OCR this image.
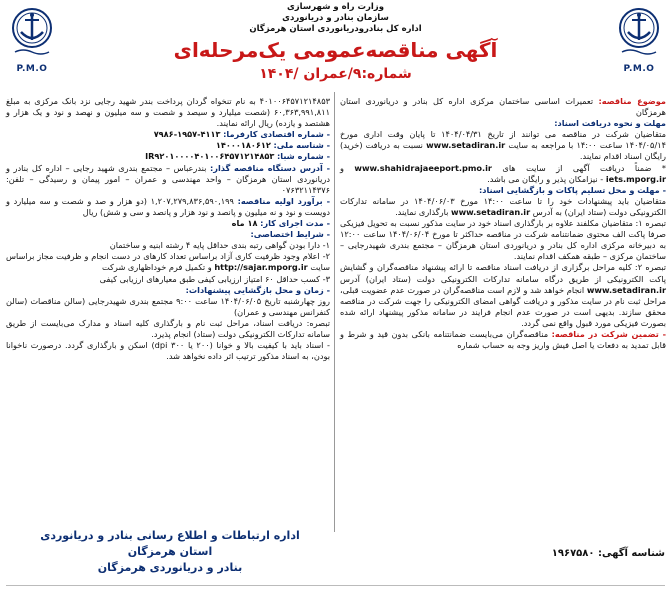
P.M.O
وزارت راه و شهرسازی
سازمان بنادر و دریانوردی
اداره کل بنادرودریانوردی استان هرمزگان
آگهی مناقصه‌عمومی یک‌مرحله‌ای
شماره:۹/عمران /۱۴۰۴	P.M.O

موضوع مناقصه: تعمیرات اساسی ساختمان مرکزی اداره کل بنادر و دریانوردی استان هرمزگان

مهلت و نحوه دریافت اسناد:

متقاضیان شرکت در مناقصه می توانند از تاریخ ۱۴۰۴/۰۴/۳۱ تا پایان وقت اداری مورخ ۱۴۰۴/۰۵/۱۴ ساعت ۱۴:۰۰ با مراجعه به سایت www.setadiran.ir نسبت به دریافت (خرید) رایگان اسناد اقدام نمایند.

* ضمناً دریافت آگهی از سایت های www.shahidrajaeeport.pmo.ir و iets.mporg.ir - نیزامکان پذیر و رایگان می باشد.

- مهلت و محل تسلیم پاکات و بازگشایی اسناد:

متقاضیان باید پیشنهادات خود را تا ساعت ۱۴:۰۰ مورخ ۱۴۰۴/۰۶/۰۳ در سامانه تدارکات الکترونیکی دولت (ستاد ایران) به آدرس www.setadiran.ir بارگذاری نمایند.

تبصره ۱: متقاضیان مکلفند علاوه بر بارگذاری اسناد خود در سایت مذکور نسبت به تحویل فیزیکی صرفا پاکت الف محتوی ضمانتنامه شرکت در مناقصه حداکثر تا مورخ ۱۴۰۴/۰۶/۰۴ ساعت ۱۲:۰۰ به دبیرخانه مرکزی اداره کل بنادر و دریانوردی استان هرمزگان – مجتمع بندری شهیدرجایی – ساختمان مرکزی – طبقه همکف اقدام نمایند.

تبصره ۲: کلیه مراحل برگزاری از دریافت اسناد مناقصه تا ارائه پیشنهاد مناقصه‌گران و گشایش پاکت الکترونیکی از طریق درگاه سامانه تدارکات الکترونیکی دولت (ستاد ایران) آدرس www.setadiran.ir انجام خواهد شد و لازم است مناقصه‌گران در صورت عدم عضویت قبلی، مراحل ثبت نام در سایت مذکور و دریافت گواهی امضای الکترونیکی را جهت شرکت در مناقصه محقق سازند. بدیهی است در صورت عدم انجام فرایند در سامانه مذکور پیشنهاد ارائه شده بصورت فیزیکی مورد قبول واقع نمی گردد.

- تضمین شرکت در مناقصه: مناقصه‌گران می‌بایست ضمانتنامه بانکی بدون قید و شرط و قابل تمدید به دفعات یا اصل فیش واریز وجه به حساب شماره

۴۰۱۰۰۶۴۵۷۱۲۱۴۸۵۳ به نام تنخواه گردان پرداخت بندر شهید رجایی نزد بانک مرکزی به مبلغ ۶۰,۳۶۳,۹۹۱,۸۱۱ (شصت میلیارد و سیصد و شصت و سه میلیون و نهصد و نود و یک هزار و هشتصد و یازده) ریال ارائه نمایند.

- شماره اقتصادی کارفرما: ۴۱۱۳-۱۹۵۷-۷۹۸۶

- شناسه ملی: ۱۴۰۰۰۱۸۰۶۱۲

- شماره شبا: IR۹۲۰۱۰۰۰۰۴۰۱۰۰۶۴۵۷۱۲۱۴۸۵۳

- آدرس دستگاه مناقصه گذار: بندرعباس – مجتمع بندری شهید رجایی – اداره کل بنادر و دریانوردی استان هرمزگان – واحد مهندسی و عمران – امور پیمان و رسیدگی – تلفن: ۰۷۶۳۲۱۱۴۳۷۶

- برآورد اولیه مناقصه: ۱,۲۰۷,۲۷۹,۸۳۶,۵۹۰,۱۹۹ (دو هزار و صد و شصت و سه میلیارد و دویست و نود و نه میلیون و پانصد و نود هزار و پانصد و سی و شش) ریال

- مدت اجرای کار: ۱۸ ماه

- شرایط اختصاصی:

۱- دارا بودن گواهی رتبه بندی حداقل پایه ۴ رشته ابنیه و ساختمان

۲- اعلام وجود ظرفیت کاری آزاد براساس تعداد کارهای در دست انجام و ظرفیت مجاز براساس سایت http://sajar.mporg.ir و تکمیل فرم خوداظهاری شرکت

۳- کسب حداقل ۶۰ امتیاز ارزیابی کیفی طبق معیارهای ارزیابی کیفی

- زمان و محل بازگشایی پیشنهادات:

روز چهارشنبه تاریخ ۱۴۰۴/۰۶/۰۵ ساعت ۹:۰۰ مجتمع بندری شهیدرجایی (سالن مناقصات (سالن کنفرانس مهندسی و عمران)

تبصره: دریافت اسناد، مراحل ثبت نام و بارگذاری کلیه اسناد و مدارک می‌بایست از طریق سامانه تدارکات الکترونیکی دولت (ستاد) انجام پذیرد.

- اسناد باید با کیفیت بالا و خوانا (۲۰۰ یا ۳۰۰ dpi) اسکن و بارگذاری گردد. درصورت ناخوانا بودن، به اسناد مذکور ترتیب اثر داده نخواهد شد.

اداره ارتباطات و اطلاع رسانی بنادر و دریانوردی استان هرمزگان
بنادر و دریانوردی هرمزگان
شناسه آگهی: ۱۹۶۷۵۸۰
